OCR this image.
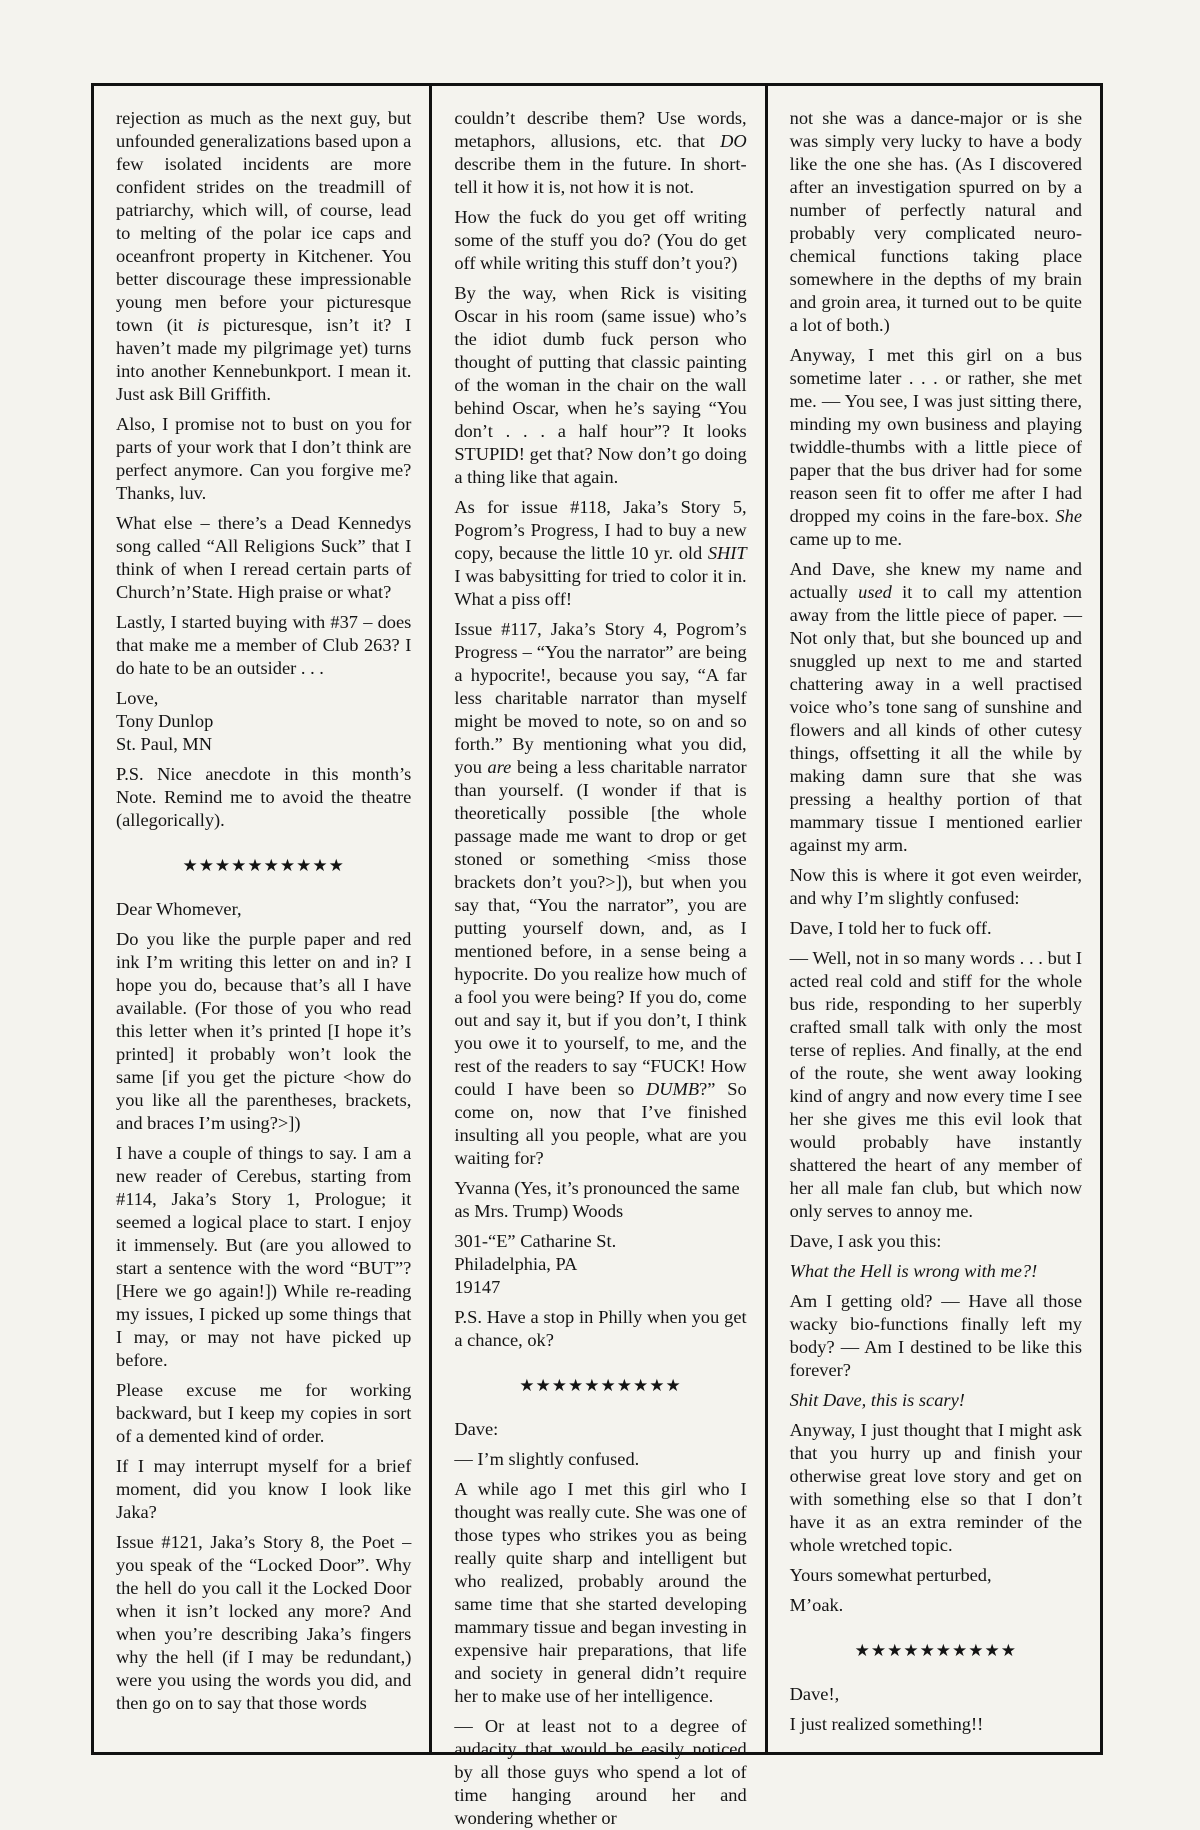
rejection as much as the next guy, but unfounded generalizations based upon a few isolated incidents are more confident strides on the treadmill of patriarchy, which will, of course, lead to melting of the polar ice caps and oceanfront property in Kitchener. You better discourage these impressionable young men before your picturesque town (it is picturesque, isn’t it? I haven’t made my pilgrimage yet) turns into another Kennebunkport. I mean it. Just ask Bill Griffith.

Also, I promise not to bust on you for parts of your work that I don’t think are perfect anymore. Can you forgive me? Thanks, luv.

What else – there’s a Dead Kennedys song called “All Religions Suck” that I think of when I reread certain parts of Church’n’State. High praise or what?

Lastly, I started buying with #37 – does that make me a member of Club 263? I do hate to be an outsider . . .

Love,

Tony Dunlop

St. Paul, MN

P.S. Nice anecdote in this month’s Note. Remind me to avoid the theatre (allegorically).

★★★★★★★★★★

Dear Whomever,

Do you like the purple paper and red ink I’m writing this letter on and in? I hope you do, because that’s all I have available. (For those of you who read this letter when it’s printed [I hope it’s printed] it probably won’t look the same [if you get the picture <how do you like all the parentheses, brackets, and braces I’m using?>])

I have a couple of things to say. I am a new reader of Cerebus, starting from #114, Jaka’s Story 1, Prologue; it seemed a logical place to start. I enjoy it immensely. But (are you allowed to start a sentence with the word “BUT”? [Here we go again!]) While re-reading my issues, I picked up some things that I may, or may not have picked up before.

Please excuse me for working backward, but I keep my copies in sort of a demented kind of order.

If I may interrupt myself for a brief moment, did you know I look like Jaka?

Issue #121, Jaka’s Story 8, the Poet – you speak of the “Locked Door”. Why the hell do you call it the Locked Door when it isn’t locked any more? And when you’re describing Jaka’s fingers why the hell (if I may be redundant,) were you using the words you did, and then go on to say that those words

couldn’t describe them? Use words, metaphors, allusions, etc. that DO describe them in the future. In short-tell it how it is, not how it is not.

How the fuck do you get off writing some of the stuff you do? (You do get off while writing this stuff don’t you?)

By the way, when Rick is visiting Oscar in his room (same issue) who’s the idiot dumb fuck person who thought of putting that classic painting of the woman in the chair on the wall behind Oscar, when he’s saying “You don’t . . . a half hour”? It looks STUPID! get that? Now don’t go doing a thing like that again.

As for issue #118, Jaka’s Story 5, Pogrom’s Progress, I had to buy a new copy, because the little 10 yr. old SHIT I was babysitting for tried to color it in. What a piss off!

Issue #117, Jaka’s Story 4, Pogrom’s Progress – “You the narrator” are being a hypocrite!, because you say, “A far less charitable narrator than myself might be moved to note, so on and so forth.” By mentioning what you did, you are being a less charitable narrator than yourself. (I wonder if that is theoretically possible [the whole passage made me want to drop or get stoned or something <miss those brackets don’t you?>]), but when you say that, “You the narrator”, you are putting yourself down, and, as I mentioned before, in a sense being a hypocrite. Do you realize how much of a fool you were being? If you do, come out and say it, but if you don’t, I think you owe it to yourself, to me, and the rest of the readers to say “FUCK! How could I have been so DUMB?” So come on, now that I’ve finished insulting all you people, what are you waiting for?

Yvanna (Yes, it’s pronounced the same as Mrs. Trump) Woods

301-“E” Catharine St.

Philadelphia, PA

19147

P.S. Have a stop in Philly when you get a chance, ok?

★★★★★★★★★★

Dave:

— I’m slightly confused.

A while ago I met this girl who I thought was really cute. She was one of those types who strikes you as being really quite sharp and intelligent but who realized, probably around the same time that she started developing mammary tissue and began investing in expensive hair preparations, that life and society in general didn’t require her to make use of her intelligence.

— Or at least not to a degree of audacity that would be easily noticed by all those guys who spend a lot of time hanging around her and wondering whether or

not she was a dance-major or is she was simply very lucky to have a body like the one she has. (As I discovered after an investigation spurred on by a number of perfectly natural and probably very complicated neuro-chemical functions taking place somewhere in the depths of my brain and groin area, it turned out to be quite a lot of both.)

Anyway, I met this girl on a bus sometime later . . . or rather, she met me. — You see, I was just sitting there, minding my own business and playing twiddle-thumbs with a little piece of paper that the bus driver had for some reason seen fit to offer me after I had dropped my coins in the fare-box. She came up to me.

And Dave, she knew my name and actually used it to call my attention away from the little piece of paper. — Not only that, but she bounced up and snuggled up next to me and started chattering away in a well practised voice who’s tone sang of sunshine and flowers and all kinds of other cutesy things, offsetting it all the while by making damn sure that she was pressing a healthy portion of that mammary tissue I mentioned earlier against my arm.

Now this is where it got even weirder, and why I’m slightly confused:

Dave, I told her to fuck off.

— Well, not in so many words . . . but I acted real cold and stiff for the whole bus ride, responding to her superbly crafted small talk with only the most terse of replies. And finally, at the end of the route, she went away looking kind of angry and now every time I see her she gives me this evil look that would probably have instantly shattered the heart of any member of her all male fan club, but which now only serves to annoy me.

Dave, I ask you this:

What the Hell is wrong with me?!

Am I getting old? — Have all those wacky bio-functions finally left my body? — Am I destined to be like this forever?

Shit Dave, this is scary!

Anyway, I just thought that I might ask that you hurry up and finish your otherwise great love story and get on with something else so that I don’t have it as an extra reminder of the whole wretched topic.

Yours somewhat perturbed,

M’oak.

★★★★★★★★★★

Dave!,

I just realized something!!
